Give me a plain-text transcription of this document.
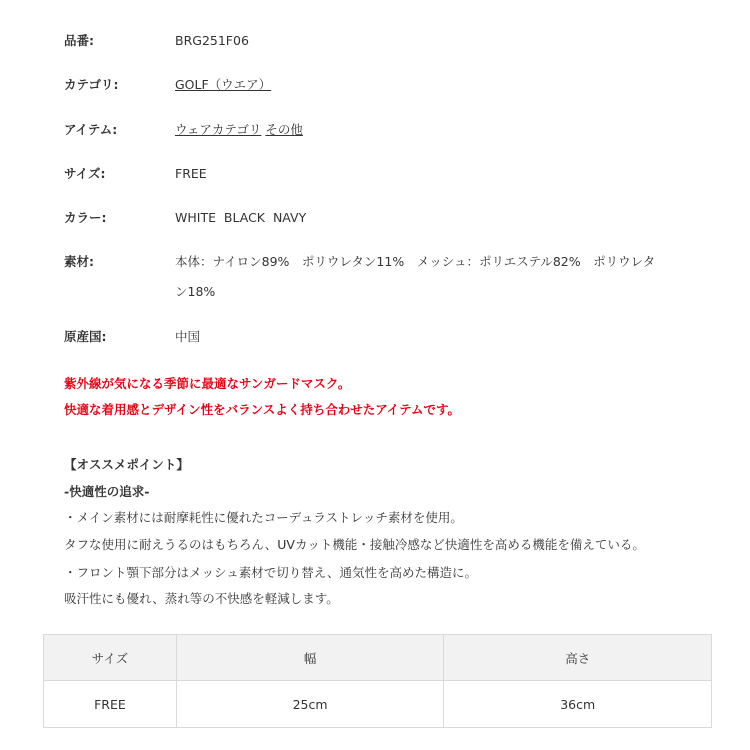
品番:	BRG251F06
カテゴリ:	GOLF（ウエア）
アイテム:	ウェアカテゴリ その他
サイズ:	FREE
カラー:	WHITE  BLACK  NAVY
素材:	本体：ナイロン89%　ポリウレタン11%　メッシュ：ポリエステル82%　ポリウレタ
ン18%
原産国:	中国
紫外線が気になる季節に最適なサンガードマスク。
快適な着用感とデザイン性をバランスよく持ち合わせたアイテムです。
【オススメポイント】
-快適性の追求-
・メイン素材には耐摩耗性に優れたコーデュラストレッチ素材を使用。
タフな使用に耐えうるのはもちろん、UVカット機能・接触冷感など快適性を高める機能を備えている。
・フロント顎下部分はメッシュ素材で切り替え、通気性を高めた構造に。
吸汗性にも優れ、蒸れ等の不快感を軽減します。
サイズ	幅	高さ
FREE	25cm	36cm
